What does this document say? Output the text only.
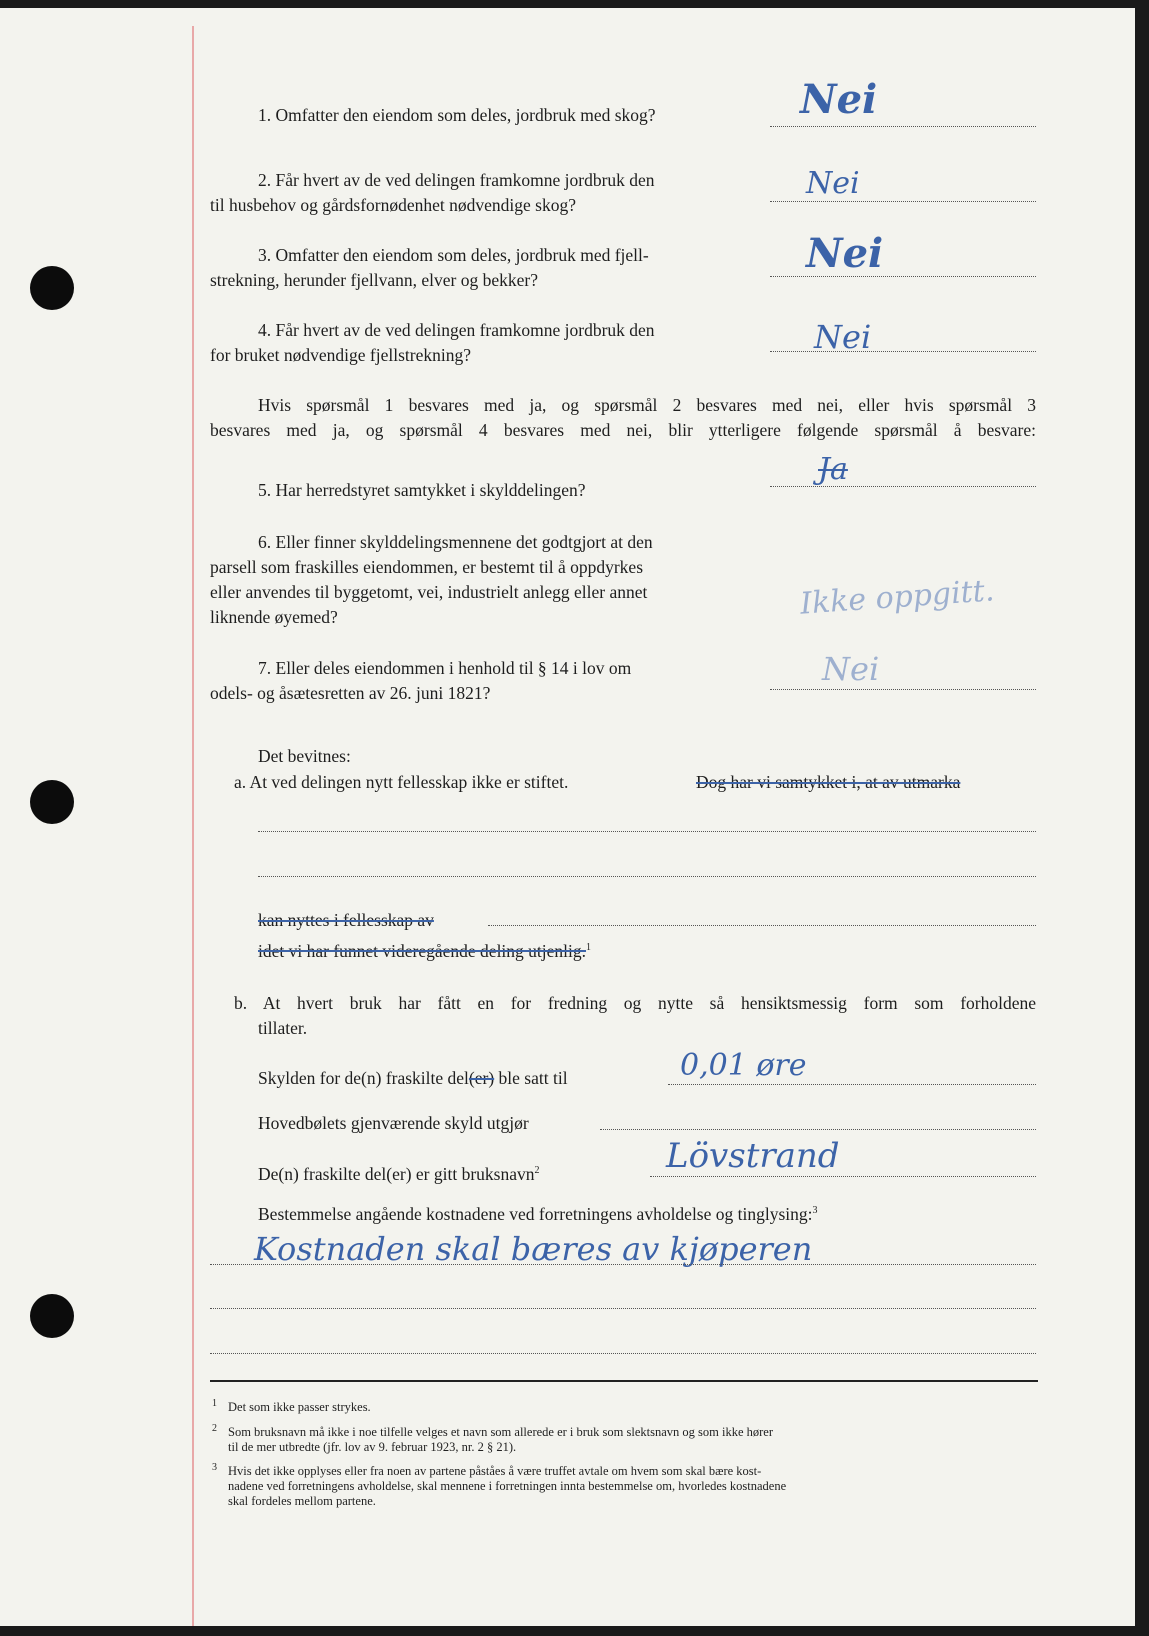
1. Omfatter den eiendom som deles, jordbruk med skog?	Nei
2. Får hvert av de ved delingen framkomne jordbruk den
til husbehov og gårdsfornødenhet nødvendige skog?
Nei
3. Omfatter den eiendom som deles, jordbruk med fjell-
strekning, herunder fjellvann, elver og bekker?
Nei
4. Får hvert av de ved delingen framkomne jordbruk den
for bruket nødvendige fjellstrekning?	Nei
Hvis spørsmål 1 besvares med ja, og spørsmål 2 besvares med nei, eller hvis spørsmål 3
besvares med ja, og spørsmål 4 besvares med nei, blir ytterligere følgende spørsmål å besvare:
5. Har herredstyret samtykket i skylddelingen?
Ja
6. Eller finner skylddelingsmennene det godtgjort at den
parsell som fraskilles eiendommen, er bestemt til å oppdyrkes
eller anvendes til byggetomt, vei, industrielt anlegg eller annet
liknende øyemed?	Ikke oppgitt.
7. Eller deles eiendommen i henhold til § 14 i lov om
odels- og åsætesretten av 26. juni 1821?
Nei
Det bevitnes:
a. At ved delingen nytt fellesskap ikke er stiftet.	Dog har vi samtykket i, at av utmarka
kan nyttes i fellesskap av
idet vi har funnet videregående deling utjenlig.$^1$
b. At hvert bruk har fått en for fredning og nytte så hensiktsmessig form som forholdene
tillater.
Skylden for de(n) fraskilte del(er) ble satt til	0,01 øre
Hovedbølets gjenværende skyld utgjør
De(n) fraskilte del(er) er gitt bruksnavn$^2$	Lövstrand
Bestemmelse angående kostnadene ved forretningens avholdelse og tinglysing:$^3$
Kostnaden skal bæres av kjøperen
1 Det som ikke passer strykes.
2 Som bruksnavn må ikke i noe tilfelle velges et navn som allerede er i bruk som slektsnavn og som ikke hører
til de mer utbredte (jfr. lov av 9. februar 1923, nr. 2 § 21).
3 Hvis det ikke opplyses eller fra noen av partene påståes å være truffet avtale om hvem som skal bære kost-
nadene ved forretningens avholdelse, skal mennene i forretningen innta bestemmelse om, hvorledes kostnadene
skal fordeles mellom partene.
